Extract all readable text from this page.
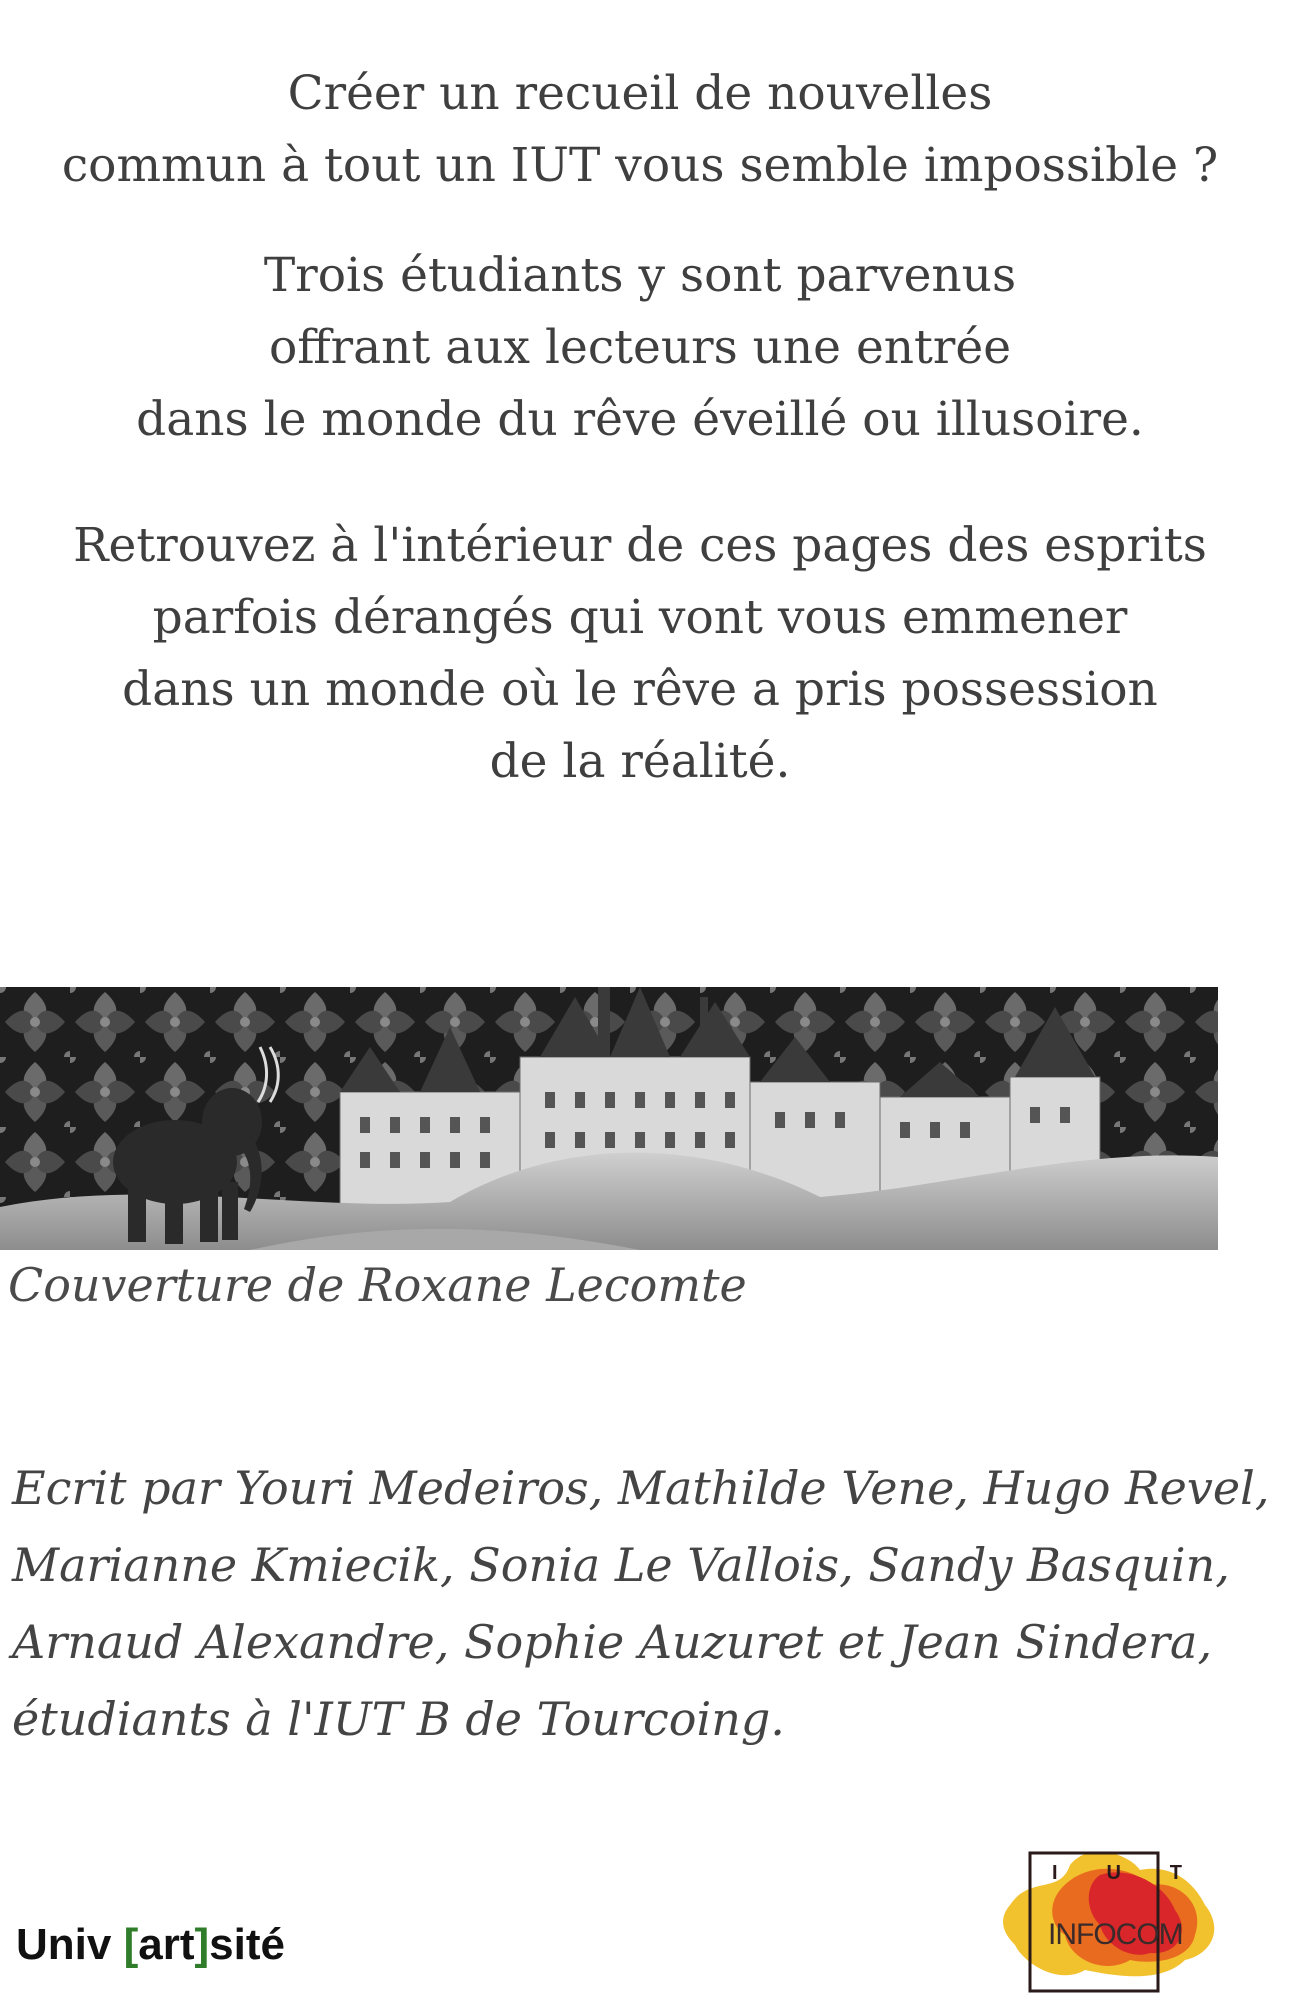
Créer un recueil de nouvelles
commun à tout un IUT vous semble impossible ?
Trois étudiants y sont parvenus
offrant aux lecteurs une entrée
dans le monde du rêve éveillé ou illusoire.
Retrouvez à l'intérieur de ces pages des esprits
parfois dérangés qui vont vous emmener
dans un monde où le rêve a pris possession
de la réalité.
Couverture de Roxane Lecomte
Ecrit par Youri Medeiros, Mathilde Vene, Hugo Revel,
Marianne Kmiecik, Sonia Le Vallois, Sandy Basquin,
Arnaud Alexandre, Sophie Auzuret et Jean Sindera,
étudiants à l'IUT B de Tourcoing.
Univ [art]sité
I U T
INFOCOM
